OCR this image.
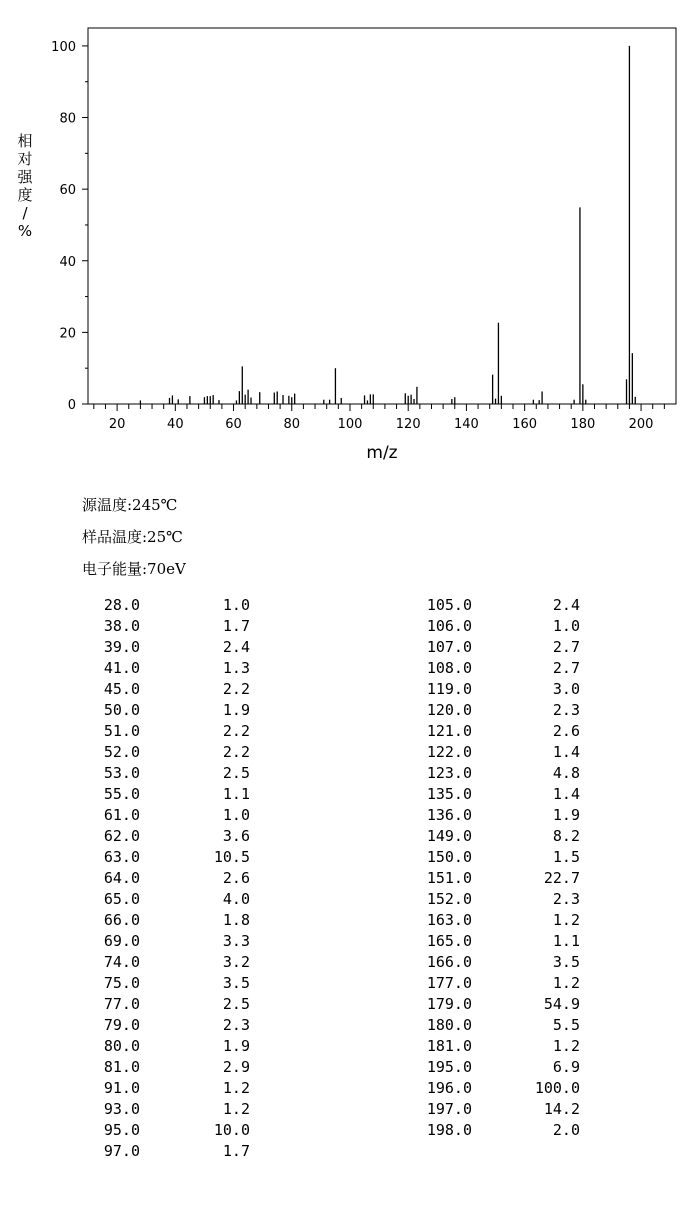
0
20
40
60
80
100
20	40	60	80	100	120	140	160	180	200
m/z
相
对
强
度
/
%
源温度:245℃
样品温度:25℃
电子能量:70eV
28.0	1.0
38.0	1.7
39.0	2.4
41.0	1.3
45.0	2.2
50.0	1.9
51.0	2.2
52.0	2.2
53.0	2.5
55.0	1.1
61.0	1.0
62.0	3.6
63.0	10.5
64.0	2.6
65.0	4.0
66.0	1.8
69.0	3.3
74.0	3.2
75.0	3.5
77.0	2.5
79.0	2.3
80.0	1.9
81.0	2.9
91.0	1.2
93.0	1.2
95.0	10.0
97.0	1.7
105.0	2.4
106.0	1.0
107.0	2.7
108.0	2.7
119.0	3.0
120.0	2.3
121.0	2.6
122.0	1.4
123.0	4.8
135.0	1.4
136.0	1.9
149.0	8.2
150.0	1.5
151.0	22.7
152.0	2.3
163.0	1.2
165.0	1.1
166.0	3.5
177.0	1.2
179.0	54.9
180.0	5.5
181.0	1.2
195.0	6.9
196.0	100.0
197.0	14.2
198.0	2.0
